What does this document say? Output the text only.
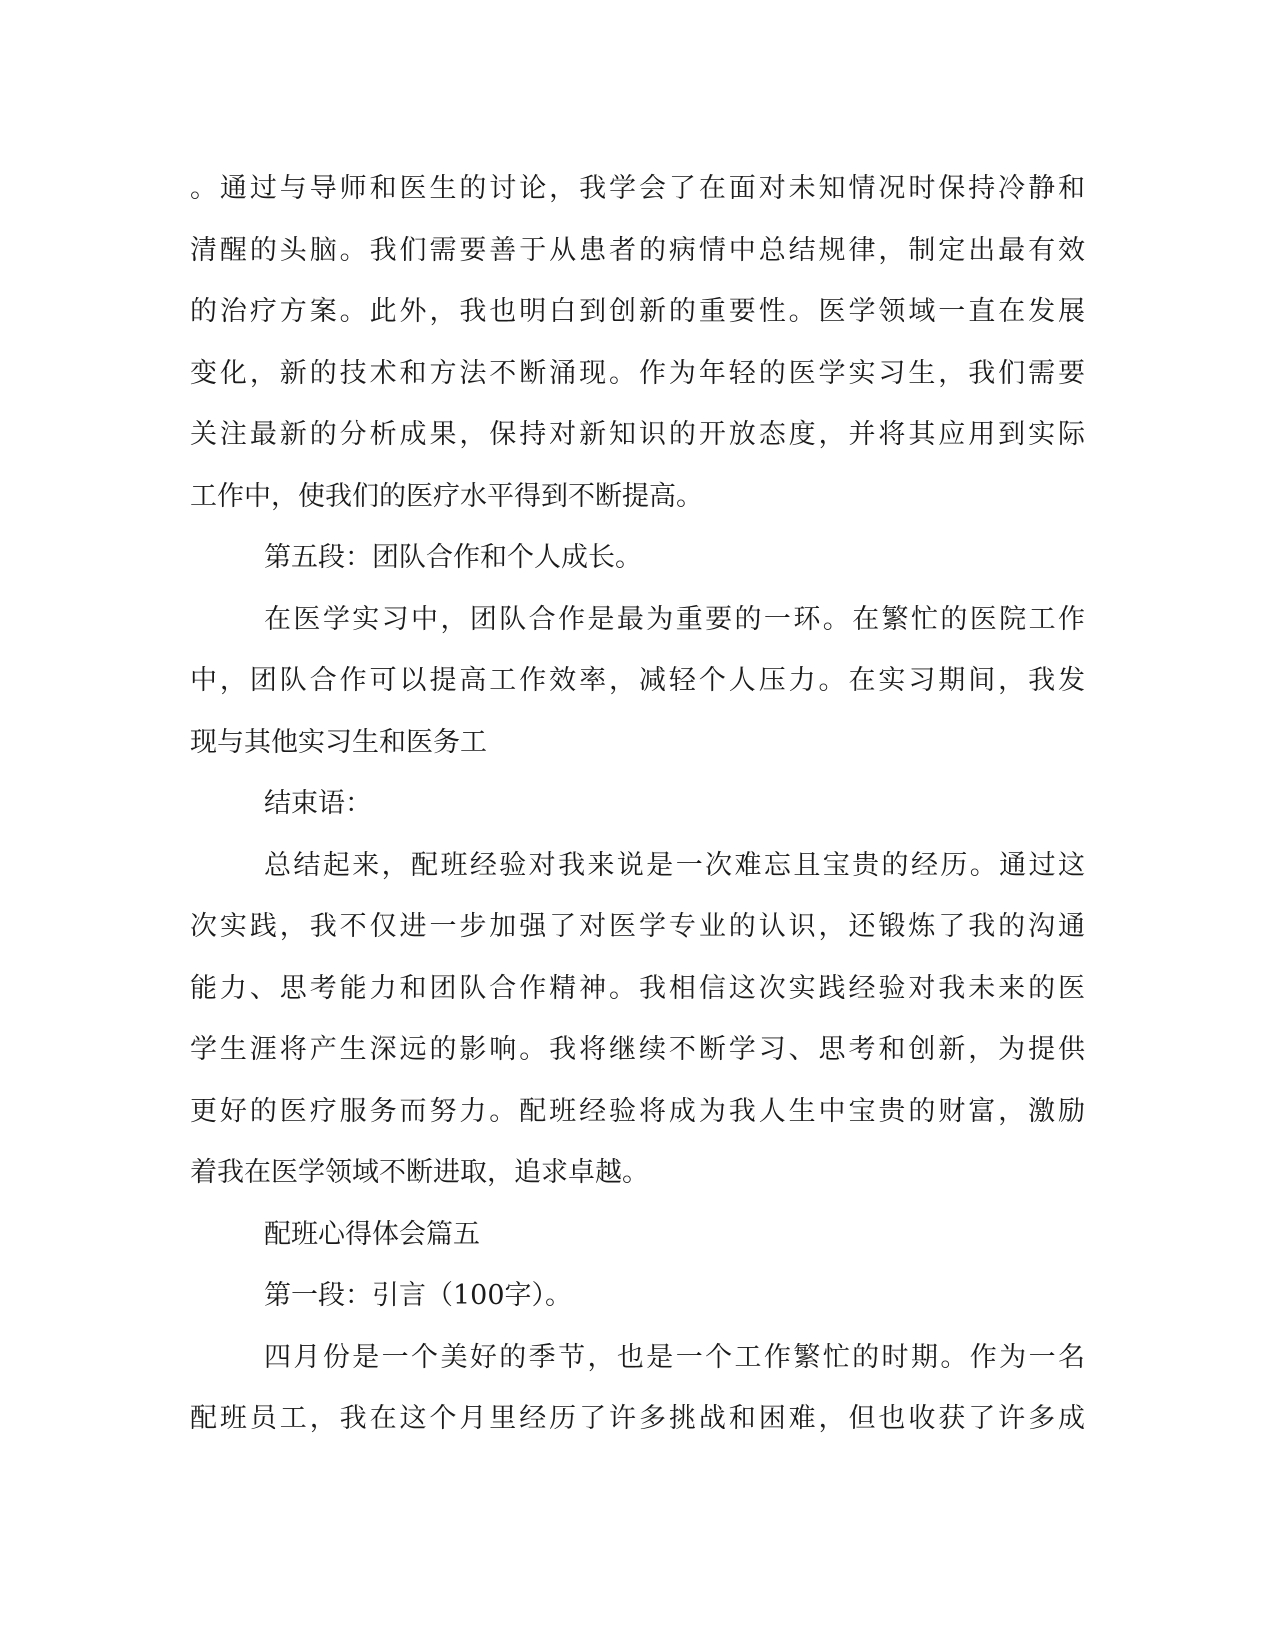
。通过与导师和医生的讨论，我学会了在面对未知情况时保持冷静和
清醒的头脑。我们需要善于从患者的病情中总结规律，制定出最有效
的治疗方案。此外，我也明白到创新的重要性。医学领域一直在发展
变化，新的技术和方法不断涌现。作为年轻的医学实习生，我们需要
关注最新的分析成果，保持对新知识的开放态度，并将其应用到实际
工作中，使我们的医疗水平得到不断提高。
第五段：团队合作和个人成长。
在医学实习中，团队合作是最为重要的一环。在繁忙的医院工作
中，团队合作可以提高工作效率，减轻个人压力。在实习期间，我发
现与其他实习生和医务工
结束语：
总结起来，配班经验对我来说是一次难忘且宝贵的经历。通过这
次实践，我不仅进一步加强了对医学专业的认识，还锻炼了我的沟通
能力、思考能力和团队合作精神。我相信这次实践经验对我未来的医
学生涯将产生深远的影响。我将继续不断学习、思考和创新，为提供
更好的医疗服务而努力。配班经验将成为我人生中宝贵的财富，激励
着我在医学领域不断进取，追求卓越。
配班心得体会篇五
第一段：引言（100字）。
四月份是一个美好的季节，也是一个工作繁忙的时期。作为一名
配班员工，我在这个月里经历了许多挑战和困难，但也收获了许多成
